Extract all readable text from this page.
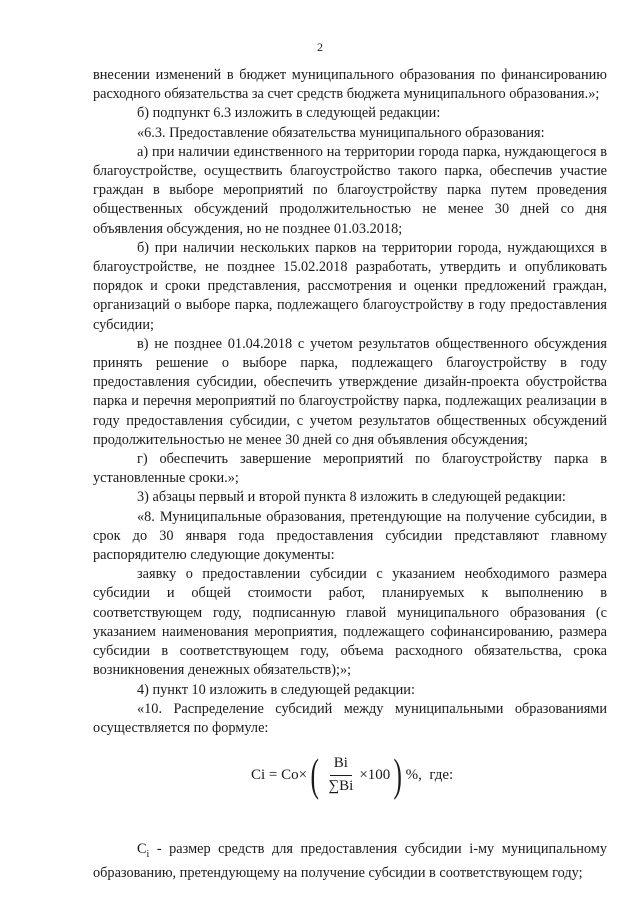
2

внесении изменений в бюджет муниципального образования по финансированию расходного обязательства за счет средств бюджета муниципального образования.»;

б) подпункт 6.3 изложить в следующей редакции:

«6.3. Предоставление обязательства муниципального образования:

а) при наличии единственного на территории города парка, нуждающегося в благоустройстве, осуществить благоустройство такого парка, обеспечив участие граждан в выборе мероприятий по благоустройству парка путем проведения общественных обсуждений продолжительностью не менее 30 дней со дня объявления обсуждения, но не позднее 01.03.2018;

б) при наличии нескольких парков на территории города, нуждающихся в благоустройстве, не позднее 15.02.2018 разработать, утвердить и опубликовать порядок и сроки представления, рассмотрения и оценки предложений граждан, организаций о выборе парка, подлежащего благоустройству в году предоставления субсидии;

в) не позднее 01.04.2018 с учетом результатов общественного обсуждения принять решение о выборе парка, подлежащего благоустройству в году предоставления субсидии, обеспечить утверждение дизайн-проекта обустройства парка и перечня мероприятий по благоустройству парка, подлежащих реализации в году предоставления субсидии, с учетом результатов общественных обсуждений продолжительностью не менее 30 дней со дня объявления обсуждения;

г) обеспечить завершение мероприятий по благоустройству парка в установленные сроки.»;

3) абзацы первый и второй пункта 8 изложить в следующей редакции:

«8. Муниципальные образования, претендующие на получение субсидии, в срок до 30 января года предоставления субсидии представляют главному распорядителю следующие документы:

заявку о предоставлении субсидии с указанием необходимого размера субсидии и общей стоимости работ, планируемых к выполнению в соответствующем году, подписанную главой муниципального образования (с указанием наименования мероприятия, подлежащего софинансированию, размера субсидии в соответствующем году, объема расходного обязательства, срока возникновения денежных обязательств);»;

4) пункт 10 изложить в следующей редакции:

«10. Распределение субсидий между муниципальными образованиями осуществляется по формуле:

Ci = Co× ( $\frac{Bi}{\sum Bi} \times 100$ ) %,  где:

$C_i$ - размер средств для предоставления субсидии i-му муниципальному образованию, претендующему на получение субсидии в соответствующем году;
